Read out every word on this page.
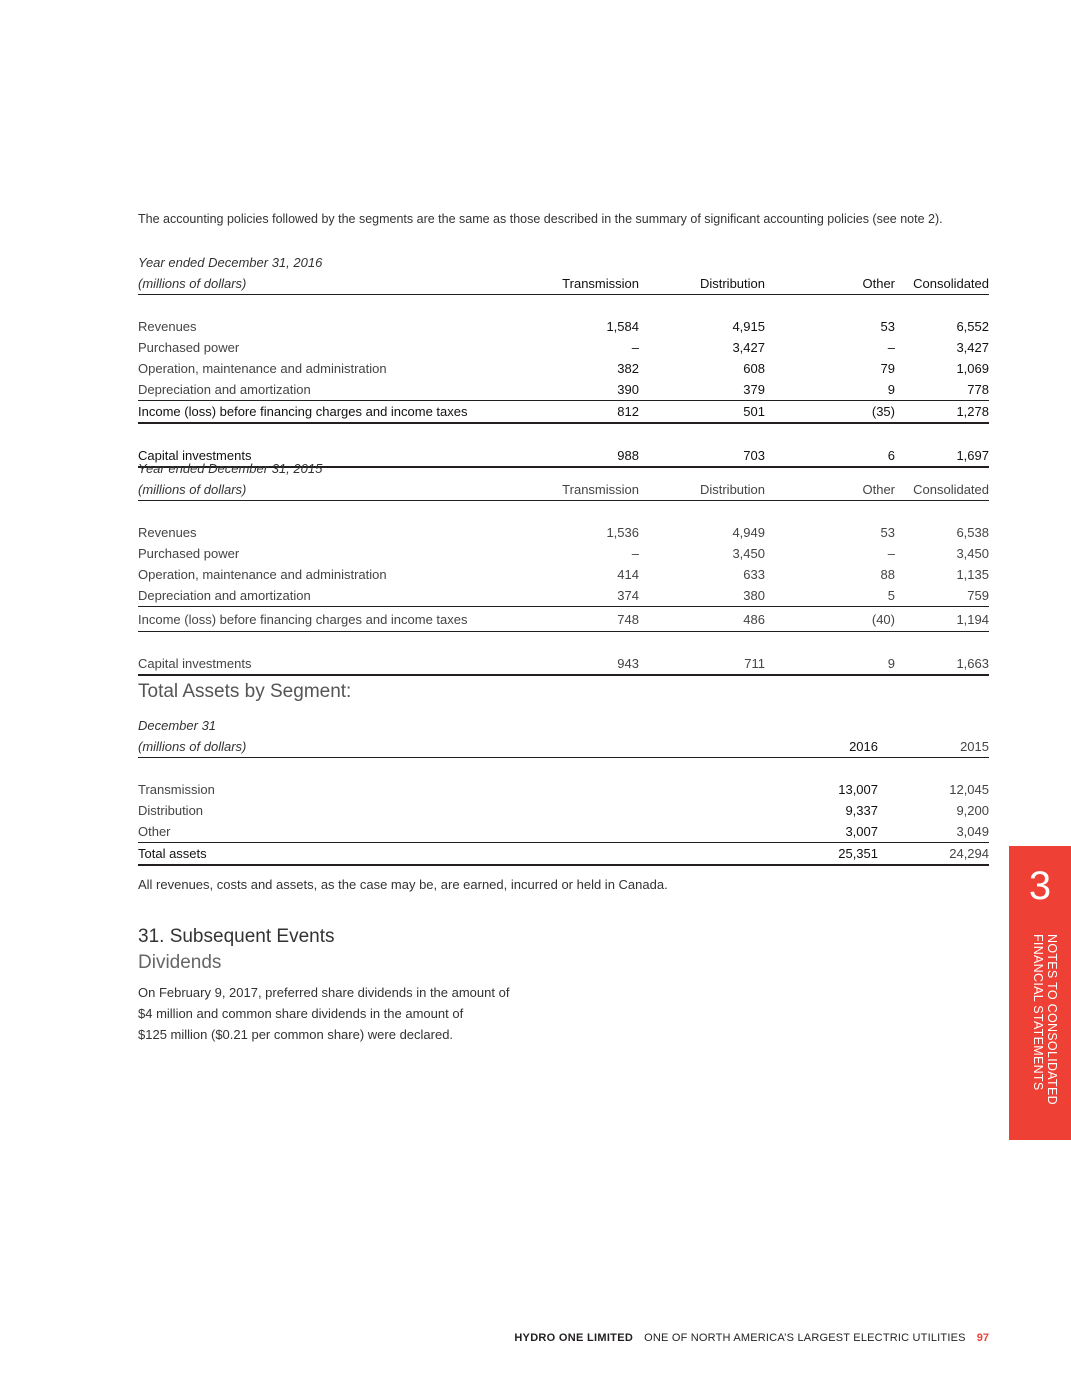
The accounting policies followed by the segments are the same as those described in the summary of significant accounting policies (see note 2).
Year ended December 31, 2016				
(millions of dollars)	Transmission	Distribution	Other	Consolidated

Revenues	1,584	4,915	53	6,552
Purchased power	–	3,427	–	3,427
Operation, maintenance and administration	382	608	79	1,069
Depreciation and amortization	390	379	9	778
Income (loss) before financing charges and income taxes	812	501	(35)	1,278

Capital investments	988	703	6	1,697
Year ended December 31, 2015				
(millions of dollars)	Transmission	Distribution	Other	Consolidated

Revenues	1,536	4,949	53	6,538
Purchased power	–	3,450	–	3,450
Operation, maintenance and administration	414	633	88	1,135
Depreciation and amortization	374	380	5	759
Income (loss) before financing charges and income taxes	748	486	(40)	1,194

Capital investments	943	711	9	1,663
Total Assets by Segment:
December 31		
(millions of dollars)	2016	2015

Transmission	13,007	12,045
Distribution	9,337	9,200
Other	3,007	3,049
Total assets	25,351	24,294
All revenues, costs and assets, as the case may be, are earned, incurred or held in Canada.
31. Subsequent Events
Dividends
On February 9, 2017, preferred share dividends in the amount of
$4 million and common share dividends in the amount of
$125 million ($0.21 per common share) were declared.
3
NOTES TO CONSOLIDATED
FINANCIAL STATEMENTS
HYDRO ONE LIMITED ONE OF NORTH AMERICA’S LARGEST ELECTRIC UTILITIES 97
